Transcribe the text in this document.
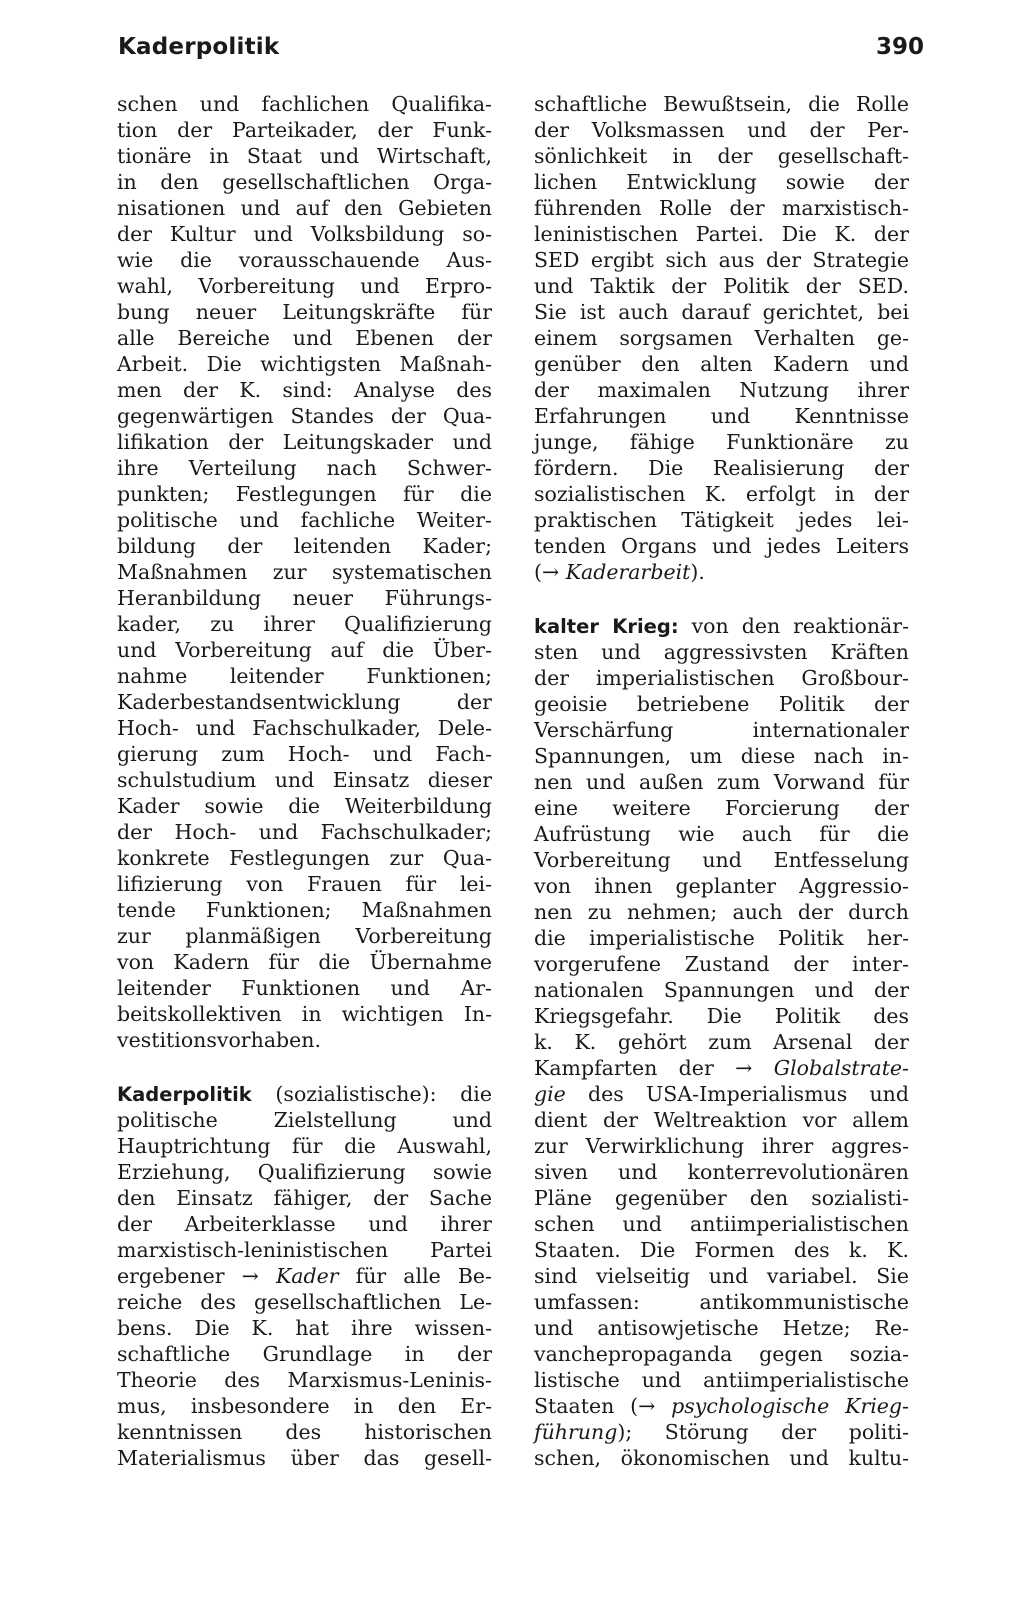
Kaderpolitik	390
schen und fachlichen Qualifika-
tion der Parteikader, der Funk-
tionäre in Staat und Wirtschaft,
in den gesellschaftlichen Orga-
nisationen und auf den Gebieten
der Kultur und Volksbildung so-
wie die vorausschauende Aus-
wahl, Vorbereitung und Erpro-
bung neuer Leitungskräfte für
alle Bereiche und Ebenen der
Arbeit. Die wichtigsten Maßnah-
men der K. sind: Analyse des
gegenwärtigen Standes der Qua-
lifikation der Leitungskader und
ihre Verteilung nach Schwer-
punkten; Festlegungen für die
politische und fachliche Weiter-
bildung der leitenden Kader;
Maßnahmen zur systematischen
Heranbildung neuer Führungs-
kader, zu ihrer Qualifizierung
und Vorbereitung auf die Über-
nahme leitender Funktionen;
Kaderbestandsentwicklung der
Hoch- und Fachschulkader, Dele-
gierung zum Hoch- und Fach-
schulstudium und Einsatz dieser
Kader sowie die Weiterbildung
der Hoch- und Fachschulkader;
konkrete Festlegungen zur Qua-
lifizierung von Frauen für lei-
tende Funktionen; Maßnahmen
zur planmäßigen Vorbereitung
von Kadern für die Übernahme
leitender Funktionen und Ar-
beitskollektiven in wichtigen In-
vestitionsvorhaben.
Kaderpolitik (sozialistische): die
politische Zielstellung und
Hauptrichtung für die Auswahl,
Erziehung, Qualifizierung sowie
den Einsatz fähiger, der Sache
der Arbeiterklasse und ihrer
marxistisch-leninistischen Partei
ergebener → Kader für alle Be-
reiche des gesellschaftlichen Le-
bens. Die K. hat ihre wissen-
schaftliche Grundlage in der
Theorie des Marxismus-Leninis-
mus, insbesondere in den Er-
kenntnissen des historischen
Materialismus über das gesell-
schaftliche Bewußtsein, die Rolle
der Volksmassen und der Per-
sönlichkeit in der gesellschaft-
lichen Entwicklung sowie der
führenden Rolle der marxistisch-
leninistischen Partei. Die K. der
SED ergibt sich aus der Strategie
und Taktik der Politik der SED.
Sie ist auch darauf gerichtet, bei
einem sorgsamen Verhalten ge-
genüber den alten Kadern und
der maximalen Nutzung ihrer
Erfahrungen und Kenntnisse
junge, fähige Funktionäre zu
fördern. Die Realisierung der
sozialistischen K. erfolgt in der
praktischen Tätigkeit jedes lei-
tenden Organs und jedes Leiters
(→ Kaderarbeit).
kalter Krieg: von den reaktionär-
sten und aggressivsten Kräften
der imperialistischen Großbour-
geoisie betriebene Politik der
Verschärfung internationaler
Spannungen, um diese nach in-
nen und außen zum Vorwand für
eine weitere Forcierung der
Aufrüstung wie auch für die
Vorbereitung und Entfesselung
von ihnen geplanter Aggressio-
nen zu nehmen; auch der durch
die imperialistische Politik her-
vorgerufene Zustand der inter-
nationalen Spannungen und der
Kriegsgefahr. Die Politik des
k. K. gehört zum Arsenal der
Kampfarten der → Globalstrate-
gie des USA-Imperialismus und
dient der Weltreaktion vor allem
zur Verwirklichung ihrer aggres-
siven und konterrevolutionären
Pläne gegenüber den sozialisti-
schen und antiimperialistischen
Staaten. Die Formen des k. K.
sind vielseitig und variabel. Sie
umfassen: antikommunistische
und antisowjetische Hetze; Re-
vanchepropaganda gegen sozia-
listische und antiimperialistische
Staaten (→ psychologische Krieg-
führung); Störung der politi-
schen, ökonomischen und kultu-
